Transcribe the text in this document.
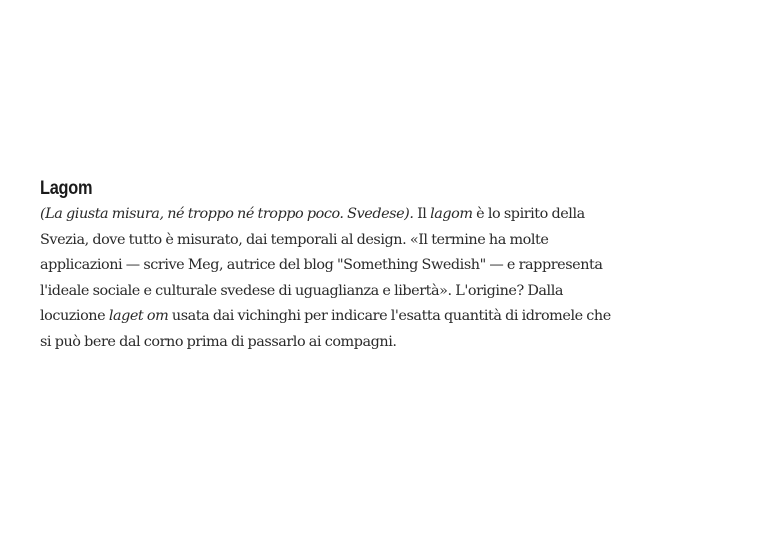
Lagom
(La giusta misura, né troppo né troppo poco. Svedese). Il lagom è lo spirito della
Svezia, dove tutto è misurato, dai temporali al design. «Il termine ha molte
applicazioni — scrive Meg, autrice del blog "Something Swedish" — e rappresenta
l'ideale sociale e culturale svedese di uguaglianza e libertà». L'origine? Dalla
locuzione laget om usata dai vichinghi per indicare l'esatta quantità di idromele che
si può bere dal corno prima di passarlo ai compagni.
